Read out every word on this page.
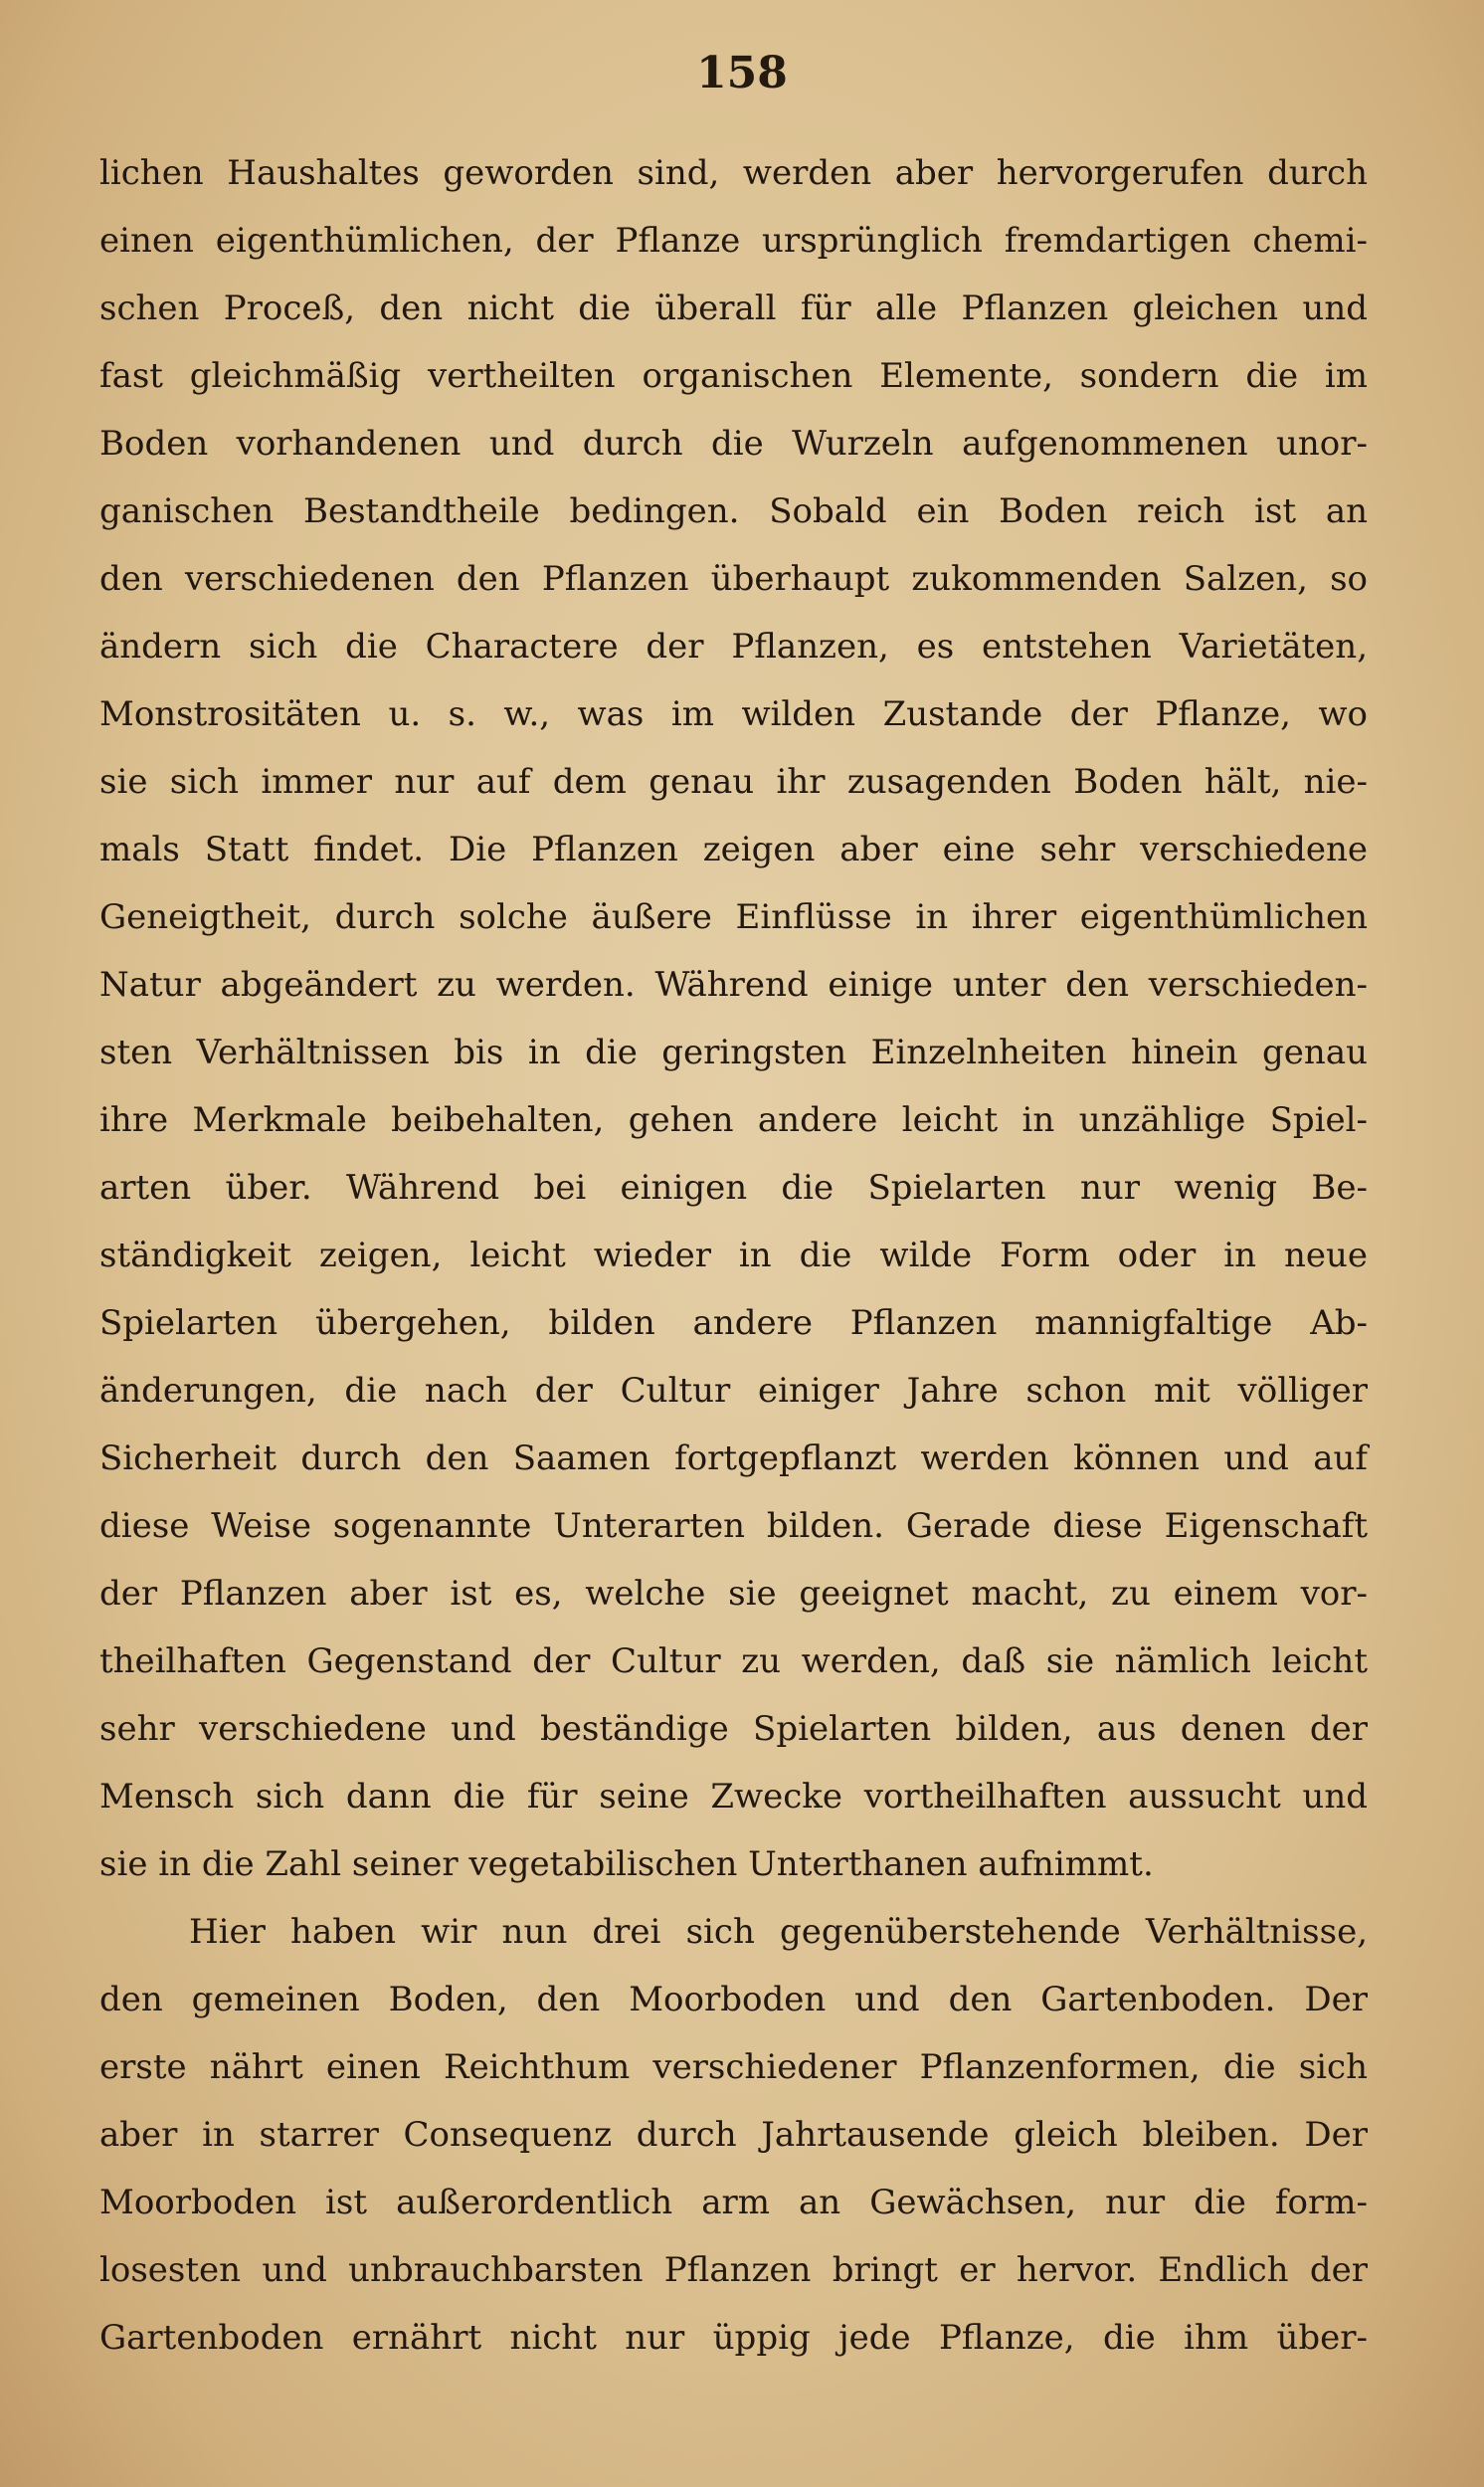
158

lichen Haushaltes geworden sind, werden aber hervorgerufen durch
einen eigenthümlichen, der Pflanze ursprünglich fremdartigen chemi-
schen Proceß, den nicht die überall für alle Pflanzen gleichen und
fast gleichmäßig vertheilten organischen Elemente, sondern die im
Boden vorhandenen und durch die Wurzeln aufgenommenen unor-
ganischen Bestandtheile bedingen. Sobald ein Boden reich ist an
den verschiedenen den Pflanzen überhaupt zukommenden Salzen, so
ändern sich die Charactere der Pflanzen, es entstehen Varietäten,
Monstrositäten u. s. w., was im wilden Zustande der Pflanze, wo
sie sich immer nur auf dem genau ihr zusagenden Boden hält, nie-
mals Statt findet. Die Pflanzen zeigen aber eine sehr verschiedene
Geneigtheit, durch solche äußere Einflüsse in ihrer eigenthümlichen
Natur abgeändert zu werden. Während einige unter den verschieden-
sten Verhältnissen bis in die geringsten Einzelnheiten hinein genau
ihre Merkmale beibehalten, gehen andere leicht in unzählige Spiel-
arten über. Während bei einigen die Spielarten nur wenig Be-
ständigkeit zeigen, leicht wieder in die wilde Form oder in neue
Spielarten übergehen, bilden andere Pflanzen mannigfaltige Ab-
änderungen, die nach der Cultur einiger Jahre schon mit völliger
Sicherheit durch den Saamen fortgepflanzt werden können und auf
diese Weise sogenannte Unterarten bilden. Gerade diese Eigenschaft
der Pflanzen aber ist es, welche sie geeignet macht, zu einem vor-
theilhaften Gegenstand der Cultur zu werden, daß sie nämlich leicht
sehr verschiedene und beständige Spielarten bilden, aus denen der
Mensch sich dann die für seine Zwecke vortheilhaften aussucht und
sie in die Zahl seiner vegetabilischen Unterthanen aufnimmt.

Hier haben wir nun drei sich gegenüberstehende Verhältnisse,
den gemeinen Boden, den Moorboden und den Gartenboden. Der
erste nährt einen Reichthum verschiedener Pflanzenformen, die sich
aber in starrer Consequenz durch Jahrtausende gleich bleiben. Der
Moorboden ist außerordentlich arm an Gewächsen, nur die form-
losesten und unbrauchbarsten Pflanzen bringt er hervor. Endlich der
Gartenboden ernährt nicht nur üppig jede Pflanze, die ihm über-
